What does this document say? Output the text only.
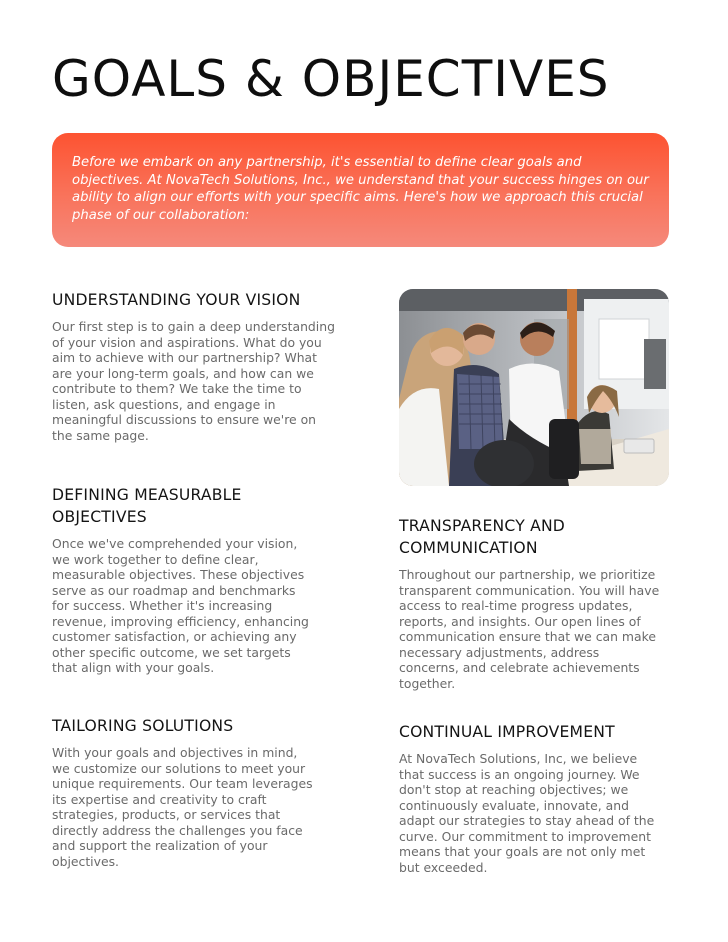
GOALS & OBJECTIVES
Before we embark on any partnership, it's essential to define clear goals and objectives. At NovaTech Solutions, Inc., we understand that your success hinges on our ability to align our efforts with your specific aims. Here's how we approach this crucial phase of our collaboration:
UNDERSTANDING YOUR VISION

Our first step is to gain a deep understanding of your vision and aspirations. What do you aim to achieve with our partnership? What are your long-term goals, and how can we contribute to them? We take the time to listen, ask questions, and engage in meaningful discussions to ensure we're on the same page.

DEFINING MEASURABLE OBJECTIVES

Once we've comprehended your vision, we work together to define clear, measurable objectives. These objectives serve as our roadmap and benchmarks for success. Whether it's increasing revenue, improving efficiency, enhancing customer satisfaction, or achieving any other specific outcome, we set targets that align with your goals.

TAILORING SOLUTIONS

With your goals and objectives in mind, we customize our solutions to meet your unique requirements. Our team leverages its expertise and creativity to craft strategies, products, or services that directly address the challenges you face and support the realization of your objectives.

TRANSPARENCY AND COMMUNICATION

Throughout our partnership, we prioritize transparent communication. You will have access to real-time progress updates, reports, and insights. Our open lines of communication ensure that we can make necessary adjustments, address concerns, and celebrate achievements together.

CONTINUAL IMPROVEMENT

At NovaTech Solutions, Inc, we believe that success is an ongoing journey. We don't stop at reaching objectives; we continuously evaluate, innovate, and adapt our strategies to stay ahead of the curve. Our commitment to improvement means that your goals are not only met but exceeded.
